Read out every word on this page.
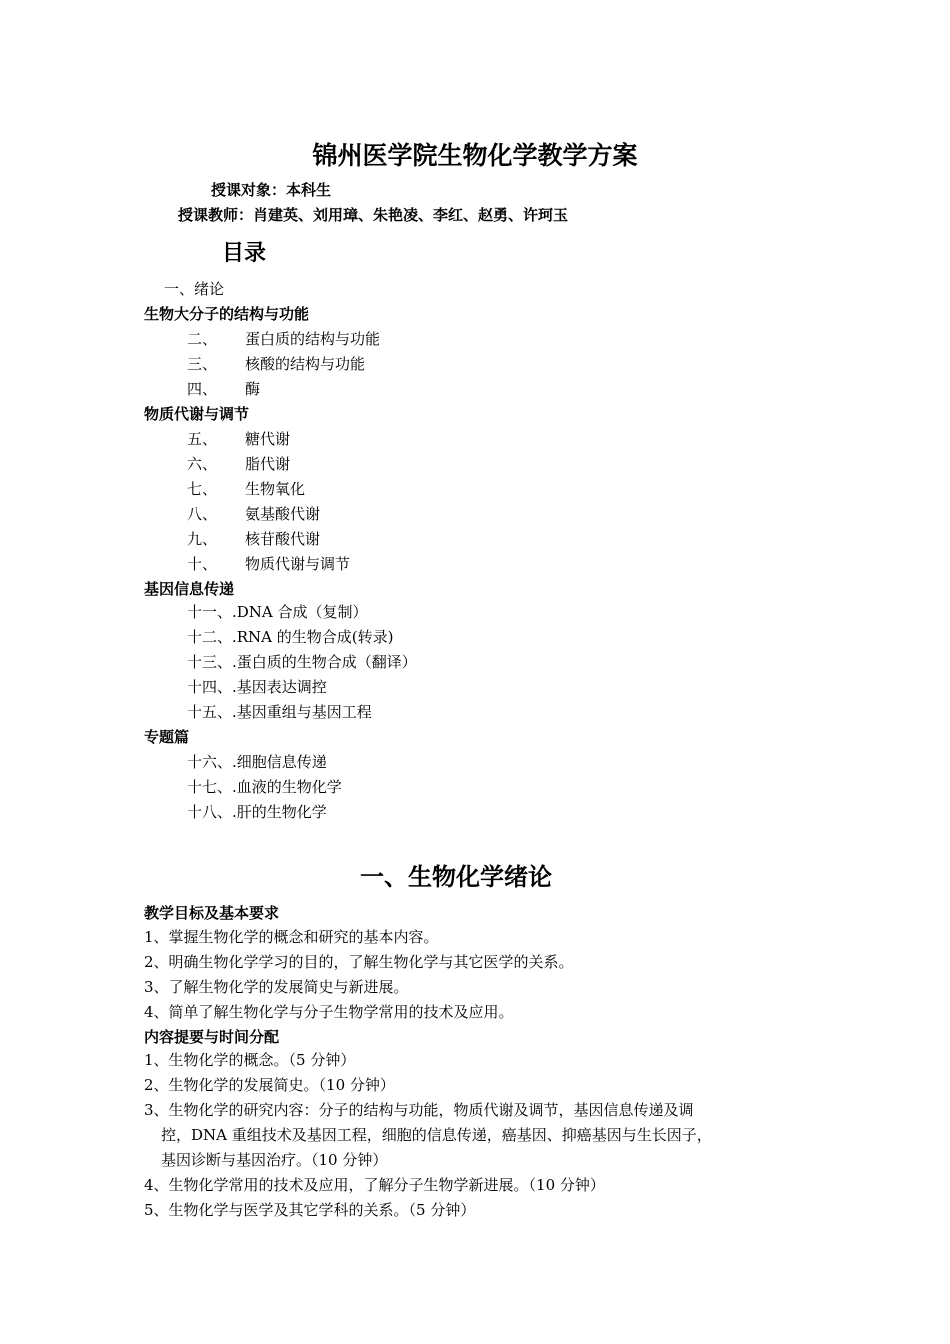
锦州医学院生物化学教学方案
授课对象：本科生
授课教师：肖建英、刘用璋、朱艳凌、李红、赵勇、许珂玉
目录
一、绪论
生物大分子的结构与功能
二、 蛋白质的结构与功能
三、 核酸的结构与功能
四、 酶
物质代谢与调节
五、 糖代谢
六、 脂代谢
七、 生物氧化
八、 氨基酸代谢
九、 核苷酸代谢
十、 物质代谢与调节
基因信息传递
十一、.DNA 合成（复制）
十二、.RNA 的生物合成(转录)
十三、.蛋白质的生物合成（翻译）
十四、.基因表达调控
十五、.基因重组与基因工程
专题篇
十六、.细胞信息传递
十七、.血液的生物化学
十八、.肝的生物化学
一、生物化学绪论
教学目标及基本要求
1、掌握生物化学的概念和研究的基本内容。
2、明确生物化学学习的目的，了解生物化学与其它医学的关系。
3、了解生物化学的发展简史与新进展。
4、简单了解生物化学与分子生物学常用的技术及应用。
内容提要与时间分配
1、生物化学的概念。（5 分钟）
2、生物化学的发展简史。（10 分钟）
3、生物化学的研究内容：分子的结构与功能，物质代谢及调节，基因信息传递及调
控，DNA 重组技术及基因工程，细胞的信息传递，癌基因、抑癌基因与生长因子，
基因诊断与基因治疗。（10 分钟）
4、生物化学常用的技术及应用，了解分子生物学新进展。（10 分钟）
5、生物化学与医学及其它学科的关系。（5 分钟）
